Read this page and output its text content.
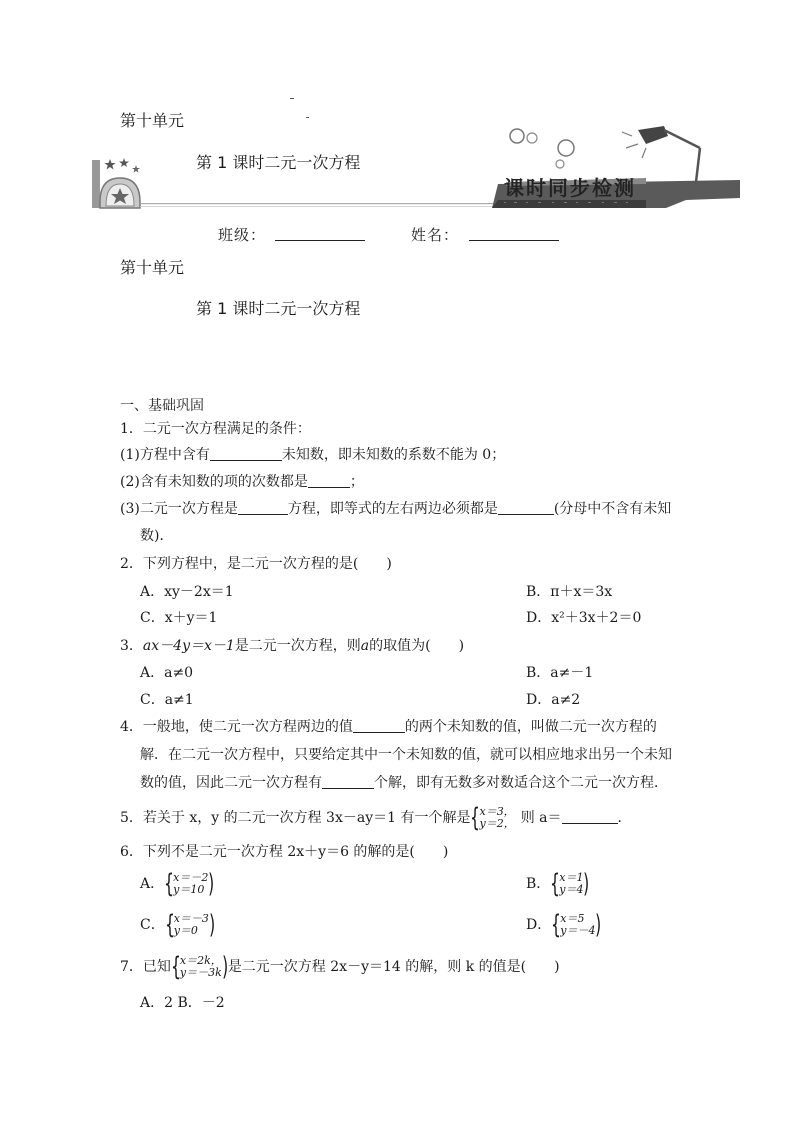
第十单元
课时同步检测
第 1 课时二元一次方程
班级：	姓名：
第十单元
第 1 课时二元一次方程
一、基础巩固
1．二元一次方程满足的条件：
(1)方程中含有	未知数，即未知数的系数不能为 0；
(2)含有未知数的项的次数都是	；
(3)二元一次方程是	方程，即等式的左右两边必须都是	(分母中不含有未知
数)．
2．下列方程中，是二元一次方程的是(　　)
A．xy－2x＝1	B．π＋x＝3x
C．x＋y＝1	D．x²＋3x＋2＝0
3．ax－4y＝x－1是二元一次方程，则a的取值为(　　)
A．a≠0	B．a≠－1
C．a≠1	D．a≠2
4．一般地，使二元一次方程两边的值	的两个未知数的值，叫做二元一次方程的
解．在二元一次方程中，只要给定其中一个未知数的值，就可以相应地求出另一个未知
数的值，因此二元一次方程有	个解，即有无数多对数适合这个二元一次方程．
5．若关于 x，y 的二元一次方程 3x－ay＝1 有一个解是 { x＝3，
y＝2， 则 a＝	．
6．下列不是二元一次方程 2x＋y＝6 的解的是(　　)
A． { x＝－2
y＝10 )	B． { x＝1
y＝4 )
C． { x＝－3
y＝0 )	D． { x＝5
y＝－4 )
7．已知 { x＝2k，
y＝－3k ) 是二元一次方程 2x－y＝14 的解，则 k 的值是(　　)
A．2 B．－2
